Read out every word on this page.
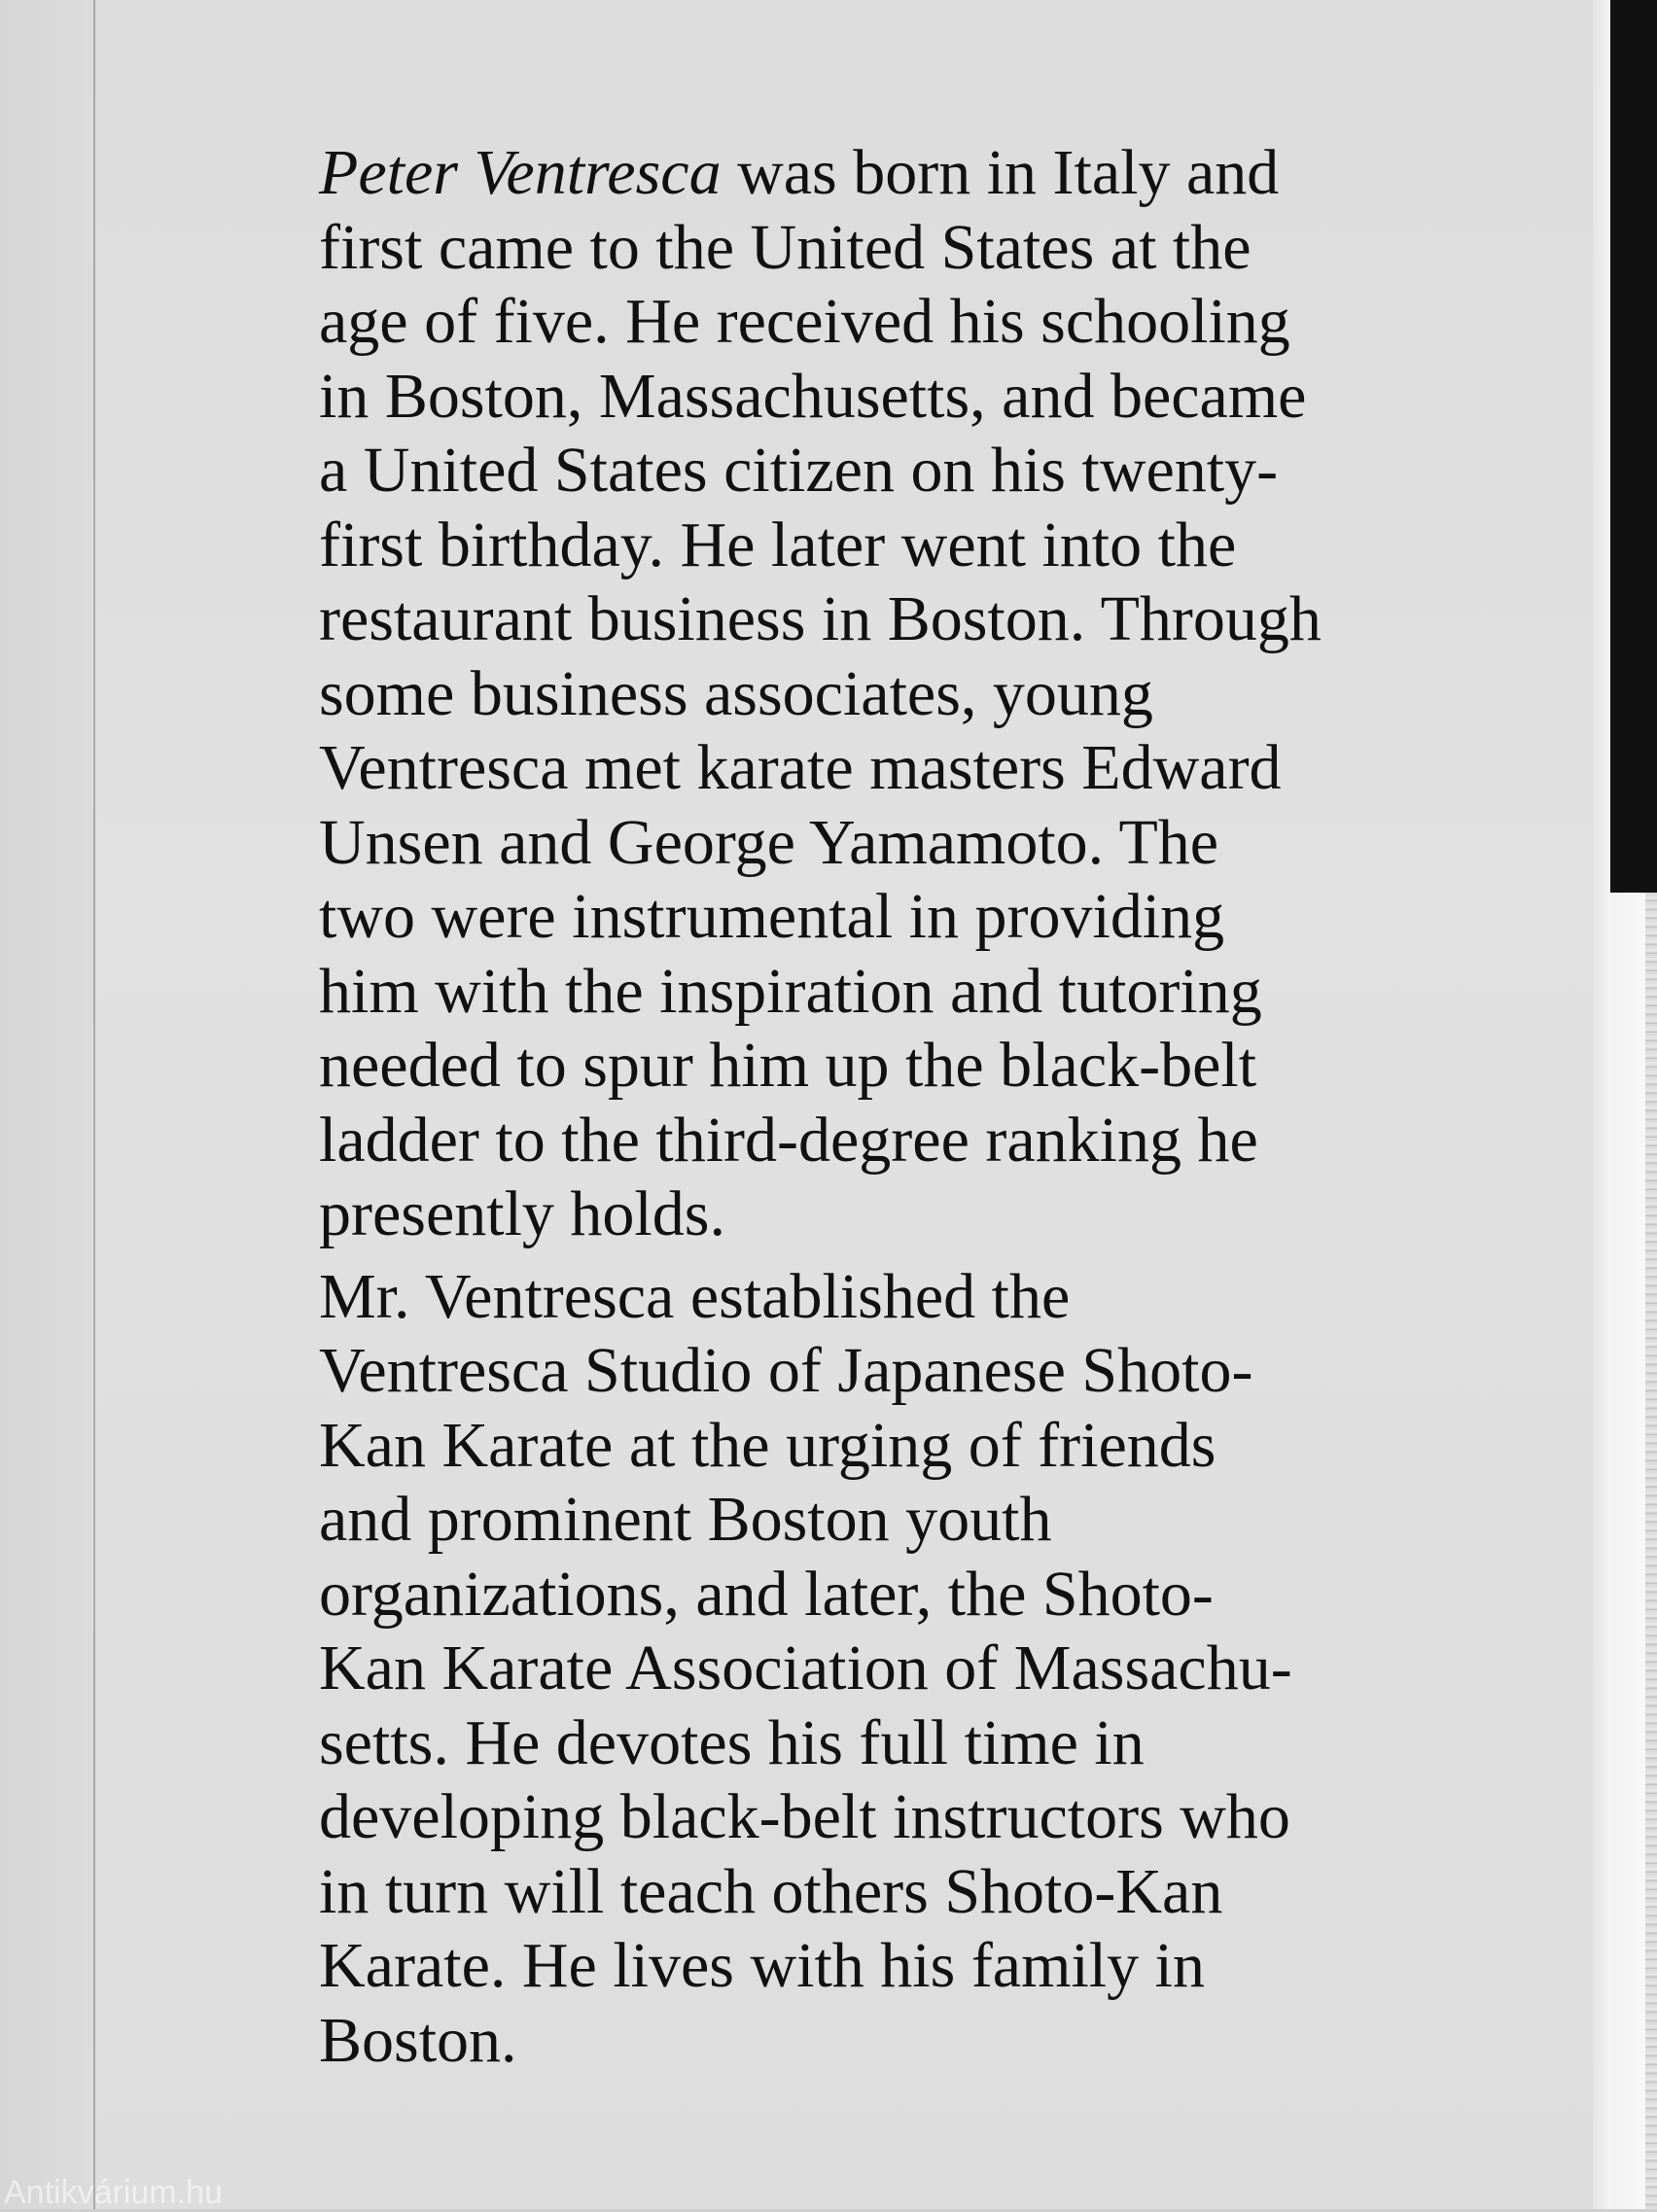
Peter Ventresca was born in Italy and
first came to the United States at the
age of five. He received his schooling
in Boston, Massachusetts, and became
a United States citizen on his twenty-
first birthday. He later went into the
restaurant business in Boston. Through
some business associates, young
Ventresca met karate masters Edward
Unsen and George Yamamoto. The
two were instrumental in providing
him with the inspiration and tutoring
needed to spur him up the black-belt
ladder to the third-degree ranking he
presently holds.

Mr. Ventresca established the
Ventresca Studio of Japanese Shoto-
Kan Karate at the urging of friends
and prominent Boston youth
organizations, and later, the Shoto-
Kan Karate Association of Massachu-
setts. He devotes his full time in
developing black-belt instructors who
in turn will teach others Shoto-Kan
Karate. He lives with his family in
Boston.

Antikvárium.hu
